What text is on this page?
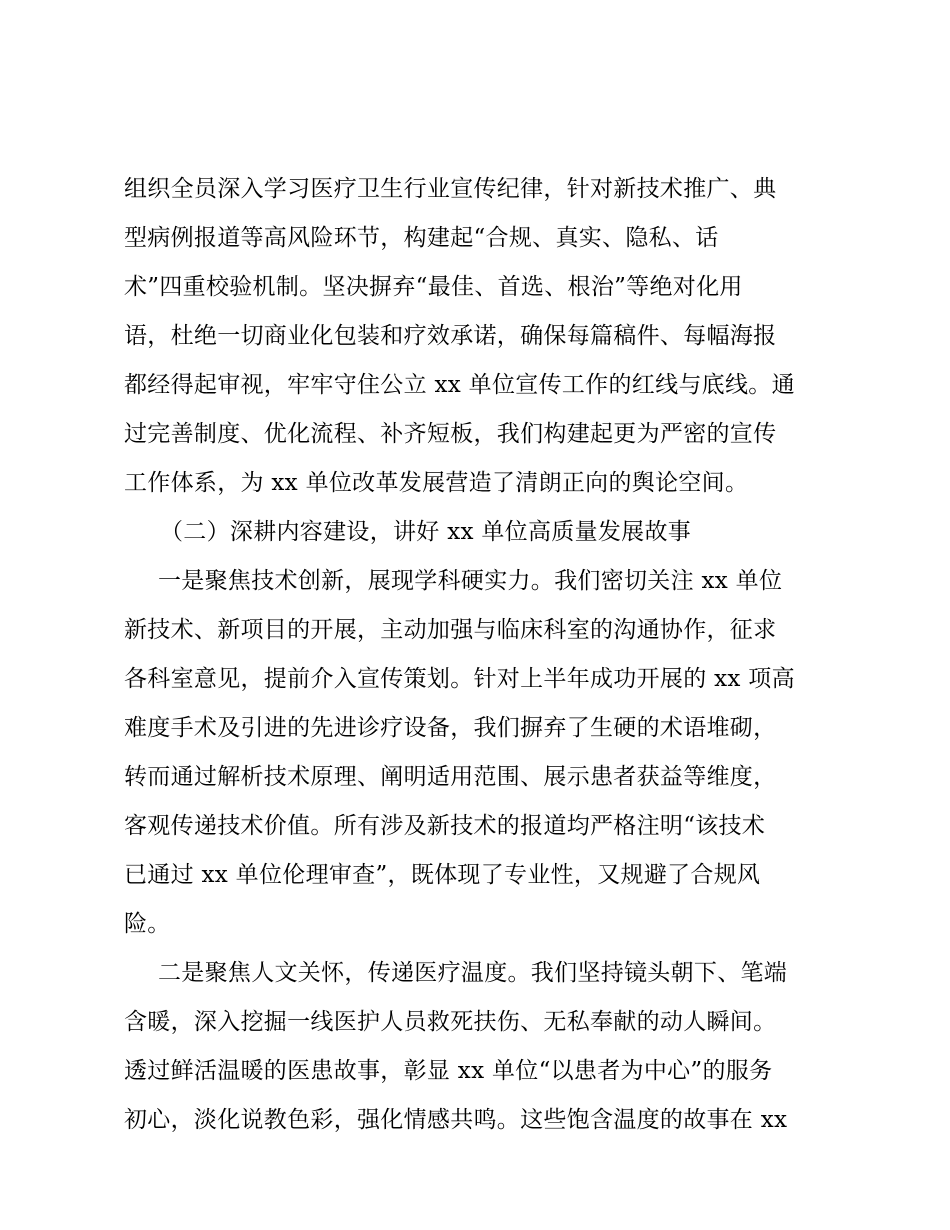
组织全员深入学习医疗卫生行业宣传纪律，针对新技术推广、典
型病例报道等高风险环节，构建起“合规、真实、隐私、话
术”四重校验机制。坚决摒弃“最佳、首选、根治”等绝对化用
语，杜绝一切商业化包装和疗效承诺，确保每篇稿件、每幅海报
都经得起审视，牢牢守住公立 xx 单位宣传工作的红线与底线。通
过完善制度、优化流程、补齐短板，我们构建起更为严密的宣传
工作体系，为 xx 单位改革发展营造了清朗正向的舆论空间。
（二）深耕内容建设，讲好 xx 单位高质量发展故事
一是聚焦技术创新，展现学科硬实力。我们密切关注 xx 单位
新技术、新项目的开展，主动加强与临床科室的沟通协作，征求
各科室意见，提前介入宣传策划。针对上半年成功开展的 xx 项高
难度手术及引进的先进诊疗设备，我们摒弃了生硬的术语堆砌，
转而通过解析技术原理、阐明适用范围、展示患者获益等维度，
客观传递技术价值。所有涉及新技术的报道均严格注明“该技术
已通过 xx 单位伦理审查”，既体现了专业性，又规避了合规风
险。
二是聚焦人文关怀，传递医疗温度。我们坚持镜头朝下、笔端
含暖，深入挖掘一线医护人员救死扶伤、无私奉献的动人瞬间。
透过鲜活温暖的医患故事，彰显 xx 单位“以患者为中心”的服务
初心，淡化说教色彩，强化情感共鸣。这些饱含温度的故事在 xx
